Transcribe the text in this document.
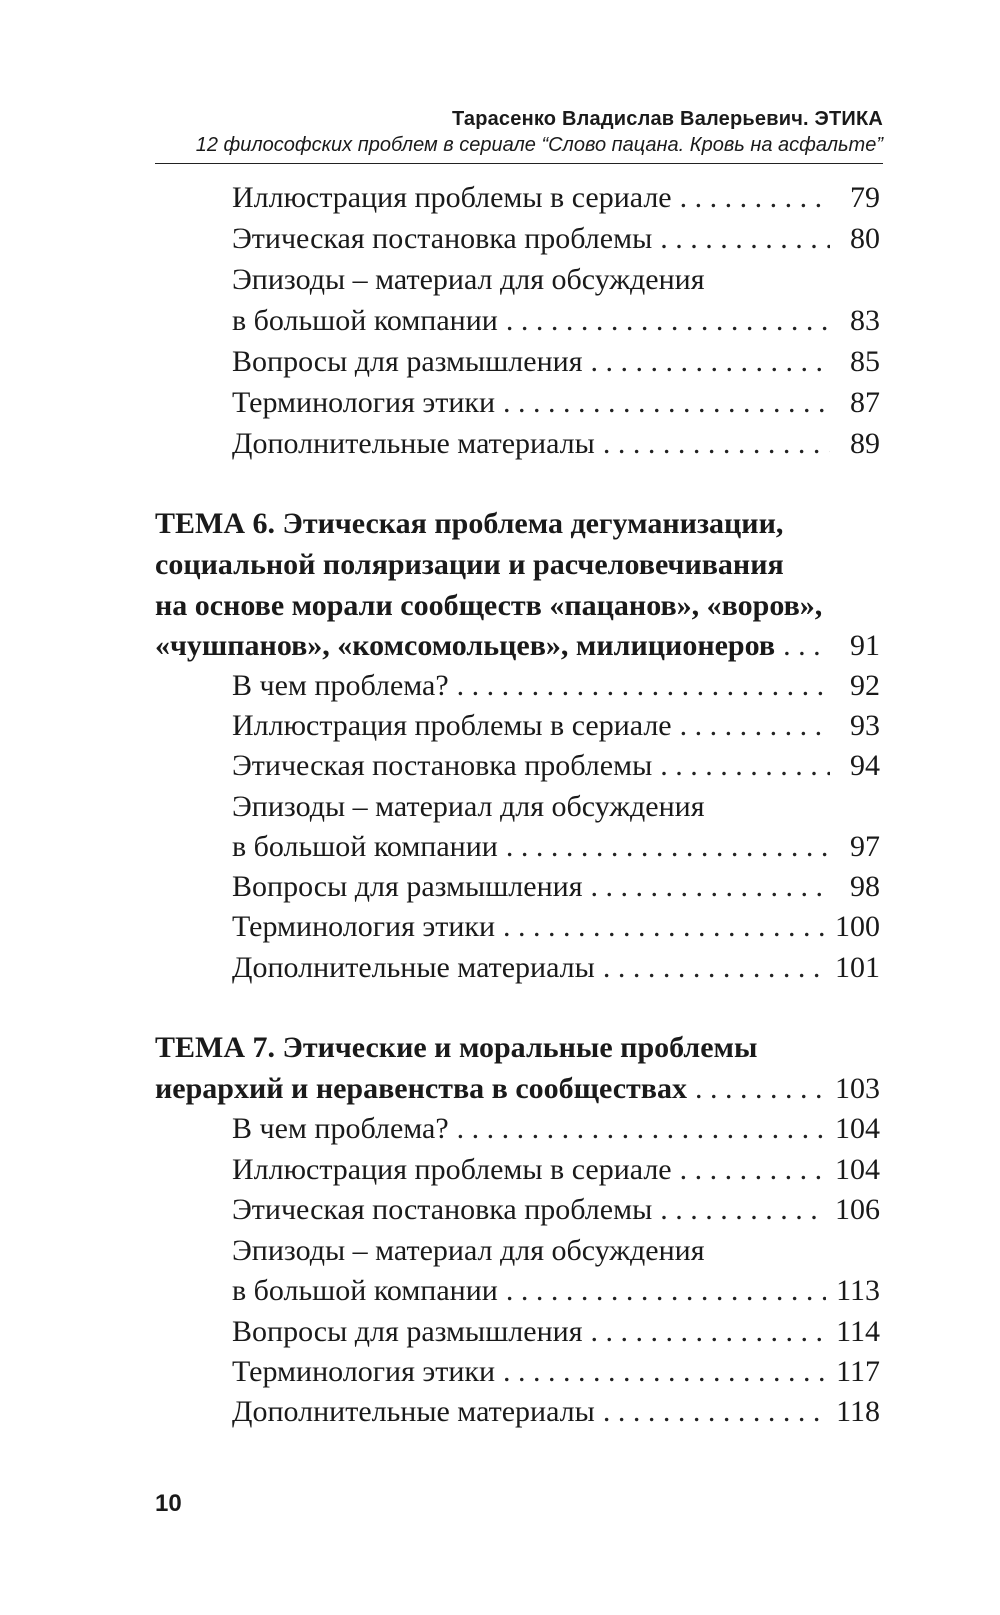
Тарасенко Владислав Валерьевич. ЭТИКА
12 философских проблем в сериале “Слово пацана. Кровь на асфальте”
Иллюстрация проблемы в сериале . . .	79
Этическая постановка проблемы . . .	80
Эпизоды – материал для обсуждения
в большой компании . . .	83
Вопросы для размышления . . .	85
Терминология этики . . .	87
Дополнительные материалы . . .	89
ТЕМА 6. Этическая проблема дегуманизации,
социальной поляризации и расчеловечивания
на основе морали сообществ «пацанов», «воров»,
«чушпанов», «комсомольцев», милиционеров . . .	91
В чем проблема? . . .	92
Иллюстрация проблемы в сериале . . .	93
Этическая постановка проблемы . . .	94
Эпизоды – материал для обсуждения
в большой компании . . .	97
Вопросы для размышления . . .	98
Терминология этики . . .	100
Дополнительные материалы . . .	101
ТЕМА 7. Этические и моральные проблемы
иерархий и неравенства в сообществах . . .	103
В чем проблема? . . .	104
Иллюстрация проблемы в сериале . . .	104
Этическая постановка проблемы . . .	106
Эпизоды – материал для обсуждения
в большой компании . . .	113
Вопросы для размышления . . .	114
Терминология этики . . .	117
Дополнительные материалы . . .	118
10
